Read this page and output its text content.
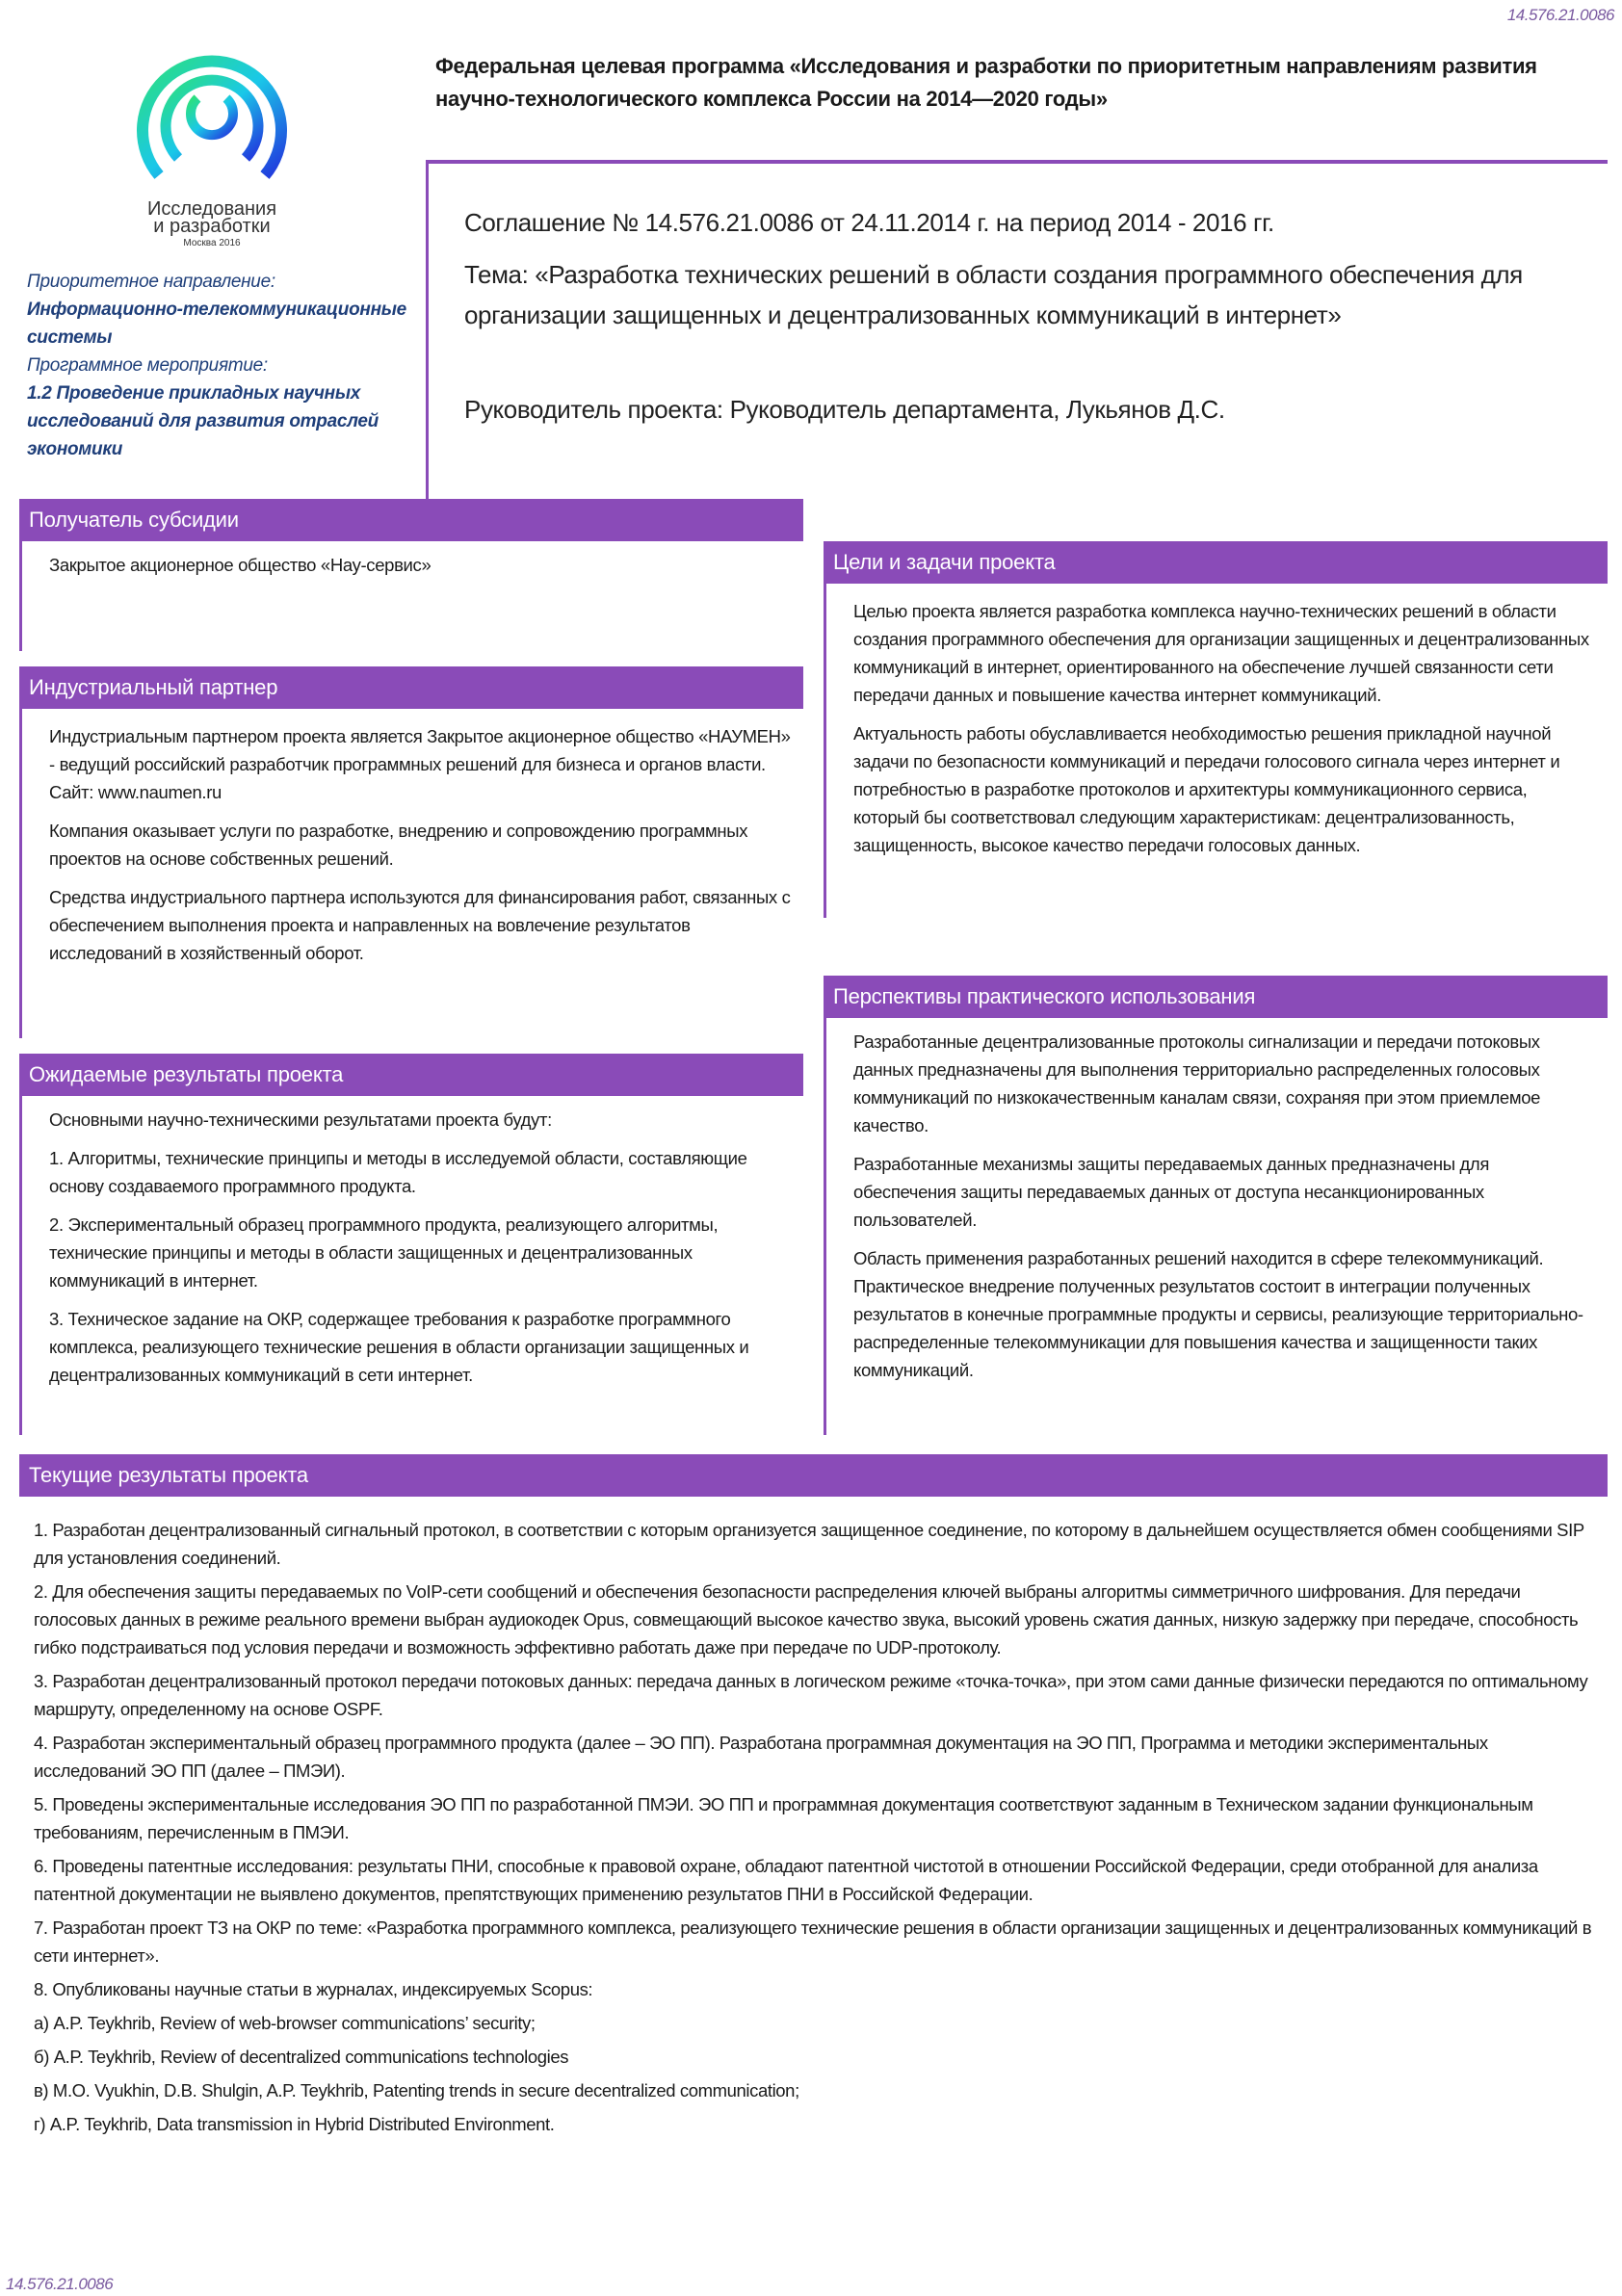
14.576.21.0086
Исследования
и разработки
Москва 2016
Приоритетное направление:
Информационно-телекоммуникационные системы
Программное мероприятие:
1.2 Проведение прикладных научных исследований для развития отраслей экономики
Федеральная целевая программа «Исследования и разработки по приоритетным направлениям развития научно-технологического комплекса России на 2014—2020 годы»
Соглашение № 14.576.21.0086 от 24.11.2014 г. на период 2014 - 2016 гг.
Тема: «Разработка технических решений в области создания программного обеспечения для организации защищенных и децентрализованных коммуникаций в интернет»
Руководитель проекта: Руководитель департамента, Лукьянов Д.С.
Получатель субсидии

Закрытое акционерное общество «Нау-сервис»

Индустриальный партнер

Индустриальным партнером проекта является Закрытое акционерное общество «НАУМЕН» - ведущий российский разработчик программных решений для бизнеса и органов власти. Сайт: www.naumen.ru

Компания оказывает услуги по разработке, внедрению и сопровождению программных проектов на основе собственных решений.

Средства индустриального партнера используются для финансирования работ, связанных с обеспечением выполнения проекта и направленных на вовлечение результатов исследований в хозяйственный оборот.

Ожидаемые результаты проекта

Основными научно-техническими результатами проекта будут:

1. Алгоритмы, технические принципы и методы в исследуемой области, составляющие основу создаваемого программного продукта.

2. Экспериментальный образец программного продукта, реализующего алгоритмы, технические принципы и методы в области защищенных и децентрализованных коммуникаций в интернет.

3. Техническое задание на ОКР, содержащее требования к разработке программного комплекса, реализующего технические решения в области организации защищенных и децентрализованных коммуникаций в сети интернет.

Цели и задачи проекта

Целью проекта является разработка комплекса научно-технических решений в области создания программного обеспечения для организации защищенных и децентрализованных коммуникаций в интернет, ориентированного на обеспечение лучшей связанности сети передачи данных и повышение качества интернет коммуникаций.

Актуальность работы обуславливается необходимостью решения прикладной научной задачи по безопасности коммуникаций и передачи голосового сигнала через интернет и потребностью в разработке протоколов и архитектуры коммуникационного сервиса, который бы соответствовал следующим характеристикам: децентрализованность, защищенность, высокое качество передачи голосовых данных.

Перспективы практического использования

Разработанные децентрализованные протоколы сигнализации и передачи потоковых данных предназначены для выполнения территориально распределенных голосовых коммуникаций по низкокачественным каналам связи, сохраняя при этом приемлемое качество.

Разработанные механизмы защиты передаваемых данных предназначены для обеспечения защиты передаваемых данных от доступа несанкционированных пользователей.

Область применения разработанных решений находится в сфере телекоммуникаций. Практическое внедрение полученных результатов состоит в интеграции полученных результатов в конечные программные продукты и сервисы, реализующие территориально-распределенные телекоммуникации для повышения качества и защищенности таких коммуникаций.

Текущие результаты проекта

1. Разработан децентрализованный сигнальный протокол, в соответствии с которым организуется защищенное соединение, по которому в дальнейшем осуществляется обмен сообщениями SIP для установления соединений.

2. Для обеспечения защиты передаваемых по VoIP-сети сообщений и обеспечения безопасности распределения ключей выбраны алгоритмы симметричного шифрования. Для передачи голосовых данных в режиме реального времени выбран аудиокодек Opus, совмещающий высокое качество звука, высокий уровень сжатия данных, низкую задержку при передаче, способность гибко подстраиваться под условия передачи и возможность эффективно работать даже при передаче по UDP-протоколу.

3. Разработан децентрализованный протокол передачи потоковых данных: передача данных в логическом режиме «точка-точка», при этом сами данные физически передаются по оптимальному маршруту, определенному на основе OSPF.

4. Разработан экспериментальный образец программного продукта (далее – ЭО ПП). Разработана программная документация на ЭО ПП, Программа и методики экспериментальных исследований ЭО ПП (далее – ПМЭИ).

5. Проведены экспериментальные исследования ЭО ПП по разработанной ПМЭИ. ЭО ПП и программная документация соответствуют заданным в Техническом задании функциональным требованиям, перечисленным в ПМЭИ.

6. Проведены патентные исследования: результаты ПНИ, способные к правовой охране, обладают патентной чистотой в отношении Российской Федерации, среди отобранной для анализа патентной документации не выявлено документов, препятствующих применению результатов ПНИ в Российской Федерации.

7. Разработан проект ТЗ на ОКР по теме: «Разработка программного комплекса, реализующего технические решения в области организации защищенных и децентрализованных коммуникаций в сети интернет».

8. Опубликованы научные статьи в журналах, индексируемых Scopus:

а) A.P. Teykhrib, Review of web-browser communications’ security;

б) A.P. Teykhrib, Review of decentralized communications technologies

в) M.O. Vyukhin, D.B. Shulgin, A.P. Teykhrib, Patenting trends in secure decentralized communication;

г) A.P. Teykhrib, Data transmission in Hybrid Distributed Environment.

14.576.21.0086
